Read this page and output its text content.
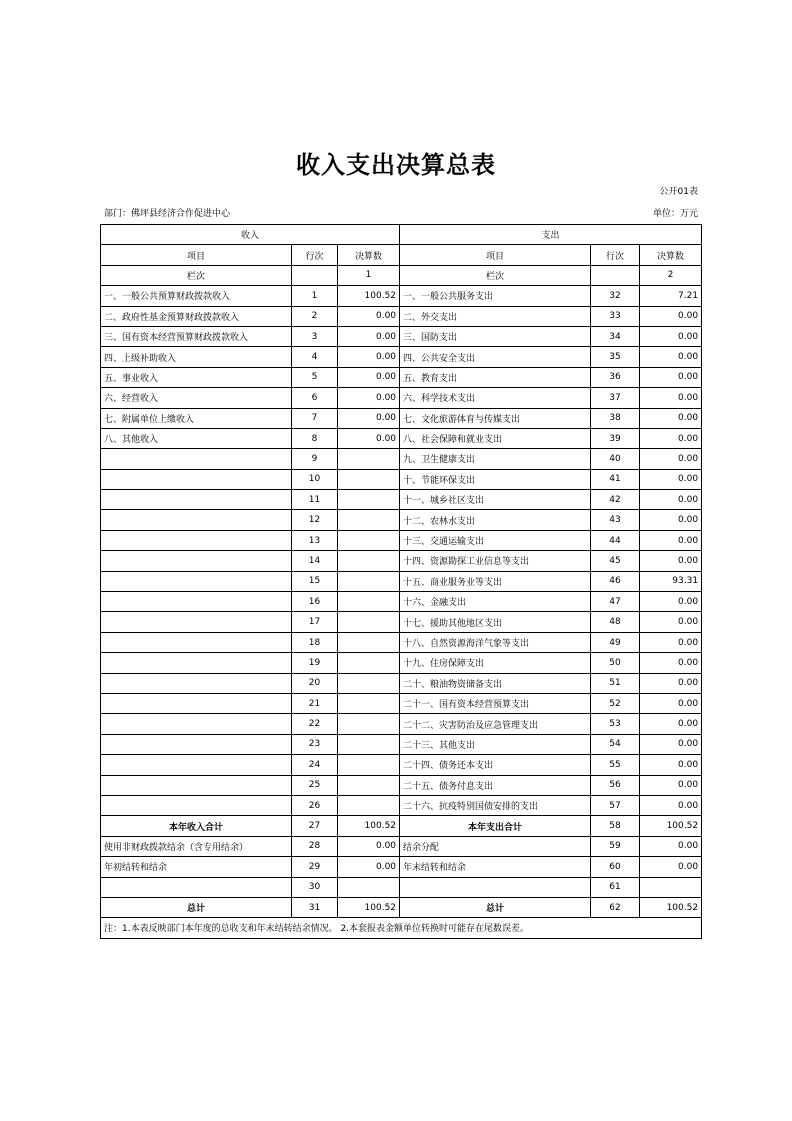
收入支出决算总表
公开01表
部门：佛坪县经济合作促进中心	单位：万元
收入			支出		
项目	行次	决算数	项目	行次	决算数
栏次		1	栏次		2
一、一般公共预算财政拨款收入	1	100.52	一、一般公共服务支出	32	7.21
二、政府性基金预算财政拨款收入	2	0.00	二、外交支出	33	0.00
三、国有资本经营预算财政拨款收入	3	0.00	三、国防支出	34	0.00
四、上级补助收入	4	0.00	四、公共安全支出	35	0.00
五、事业收入	5	0.00	五、教育支出	36	0.00
六、经营收入	6	0.00	六、科学技术支出	37	0.00
七、附属单位上缴收入	7	0.00	七、文化旅游体育与传媒支出	38	0.00
八、其他收入	8	0.00	八、社会保障和就业支出	39	0.00
	9		九、卫生健康支出	40	0.00
	10		十、节能环保支出	41	0.00
	11		十一、城乡社区支出	42	0.00
	12		十二、农林水支出	43	0.00
	13		十三、交通运输支出	44	0.00
	14		十四、资源勘探工业信息等支出	45	0.00
	15		十五、商业服务业等支出	46	93.31
	16		十六、金融支出	47	0.00
	17		十七、援助其他地区支出	48	0.00
	18		十八、自然资源海洋气象等支出	49	0.00
	19		十九、住房保障支出	50	0.00
	20		二十、粮油物资储备支出	51	0.00
	21		二十一、国有资本经营预算支出	52	0.00
	22		二十二、灾害防治及应急管理支出	53	0.00
	23		二十三、其他支出	54	0.00
	24		二十四、债务还本支出	55	0.00
	25		二十五、债务付息支出	56	0.00
	26		二十六、抗疫特别国债安排的支出	57	0.00
本年收入合计	27	100.52	本年支出合计	58	100.52
使用非财政拨款结余（含专用结余）	28	0.00	结余分配	59	0.00
年初结转和结余	29	0.00	年末结转和结余	60	0.00
	30			61	
总计	31	100.52	总计	62	100.52
注：1.本表反映部门本年度的总收支和年末结转结余情况。 2.本套报表金额单位转换时可能存在尾数误差。					
